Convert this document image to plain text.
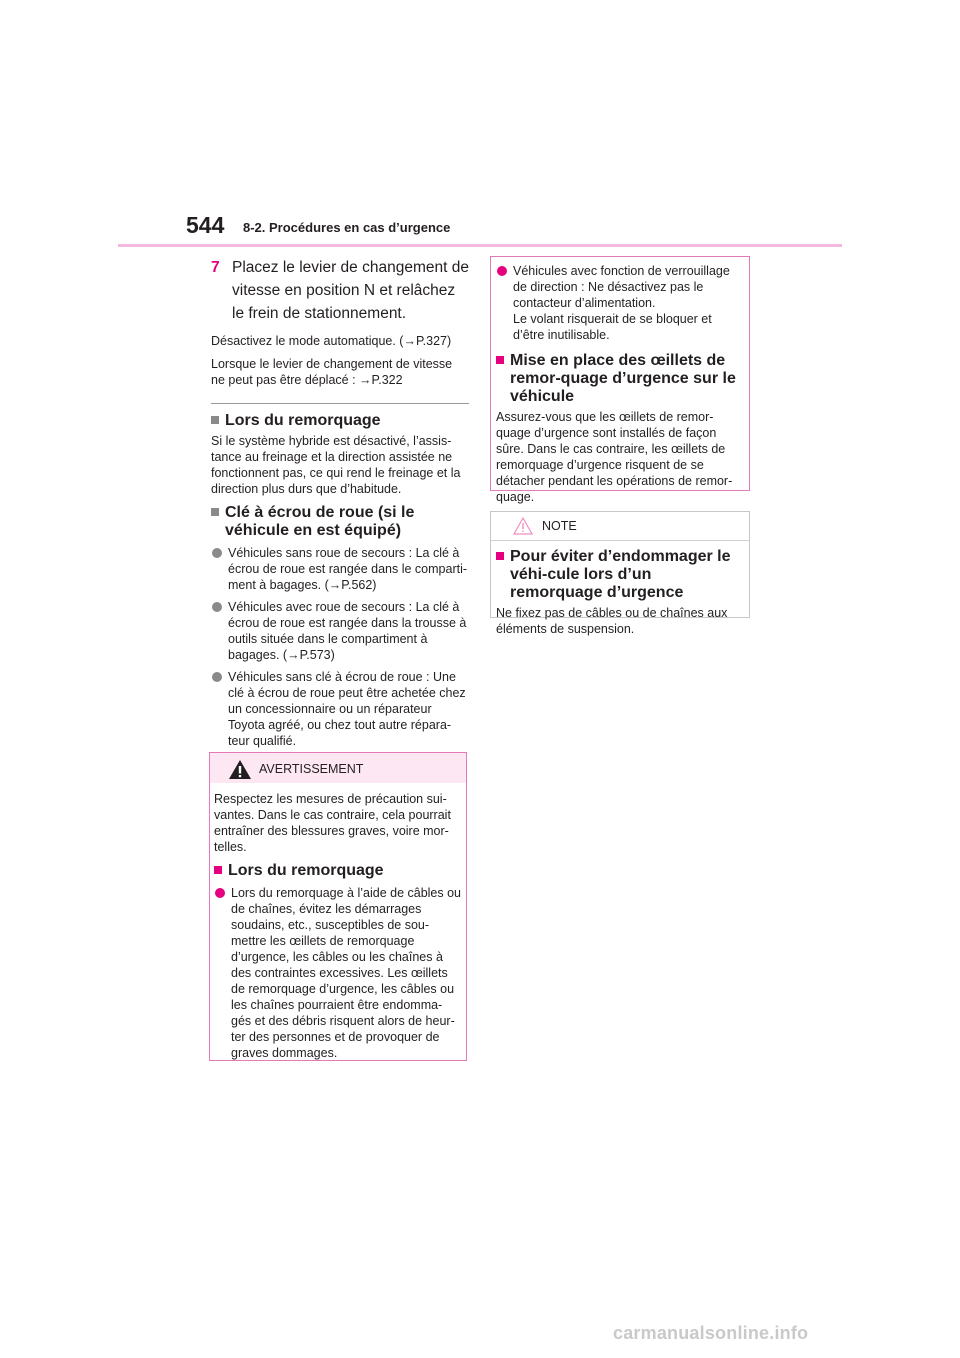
544 8-2. Procédures en cas d’urgence
7 Placez le levier de changement de vitesse en position N et relâchez le frein de stationnement.

Désactivez le mode automatique. (→P.327)

Lorsque le levier de changement de vitesse ne peut pas être déplacé : →P.322

Lors du remorquage

Si le système hybride est désactivé, l’assis-tance au freinage et la direction assistée ne fonctionnent pas, ce qui rend le freinage et la direction plus durs que d’habitude.

Clé à écrou de roue (si le véhicule en est équipé)

Véhicules sans roue de secours : La clé à écrou de roue est rangée dans le comparti-ment à bagages. (→P.562)

Véhicules avec roue de secours : La clé à écrou de roue est rangée dans la trousse à outils située dans le compartiment à bagages. (→P.573)

Véhicules sans clé à écrou de roue : Une clé à écrou de roue peut être achetée chez un concessionnaire ou un réparateur Toyota agréé, ou chez tout autre répara-teur qualifié.

AVERTISSEMENT

Respectez les mesures de précaution sui-vantes. Dans le cas contraire, cela pourrait entraîner des blessures graves, voire mor-telles.

Lors du remorquage

Lors du remorquage à l’aide de câbles ou de chaînes, évitez les démarrages soudains, etc., susceptibles de sou-mettre les œillets de remorquage d’urgence, les câbles ou les chaînes à des contraintes excessives. Les œillets de remorquage d’urgence, les câbles ou les chaînes pourraient être endomma-gés et des débris risquent alors de heur-ter des personnes et de provoquer de graves dommages.

Véhicules avec fonction de verrouillage de direction : Ne désactivez pas le contacteur d’alimentation.

Le volant risquerait de se bloquer et d’être inutilisable.

Mise en place des œillets de remor-quage d’urgence sur le véhicule

Assurez-vous que les œillets de remor-quage d’urgence sont installés de façon sûre. Dans le cas contraire, les œillets de remorquage d’urgence risquent de se détacher pendant les opérations de remor-quage.

NOTE
Pour éviter d’endommager le véhi-cule lors d’un remorquage d’urgence

Ne fixez pas de câbles ou de chaînes aux éléments de suspension.

carmanualsonline.info
